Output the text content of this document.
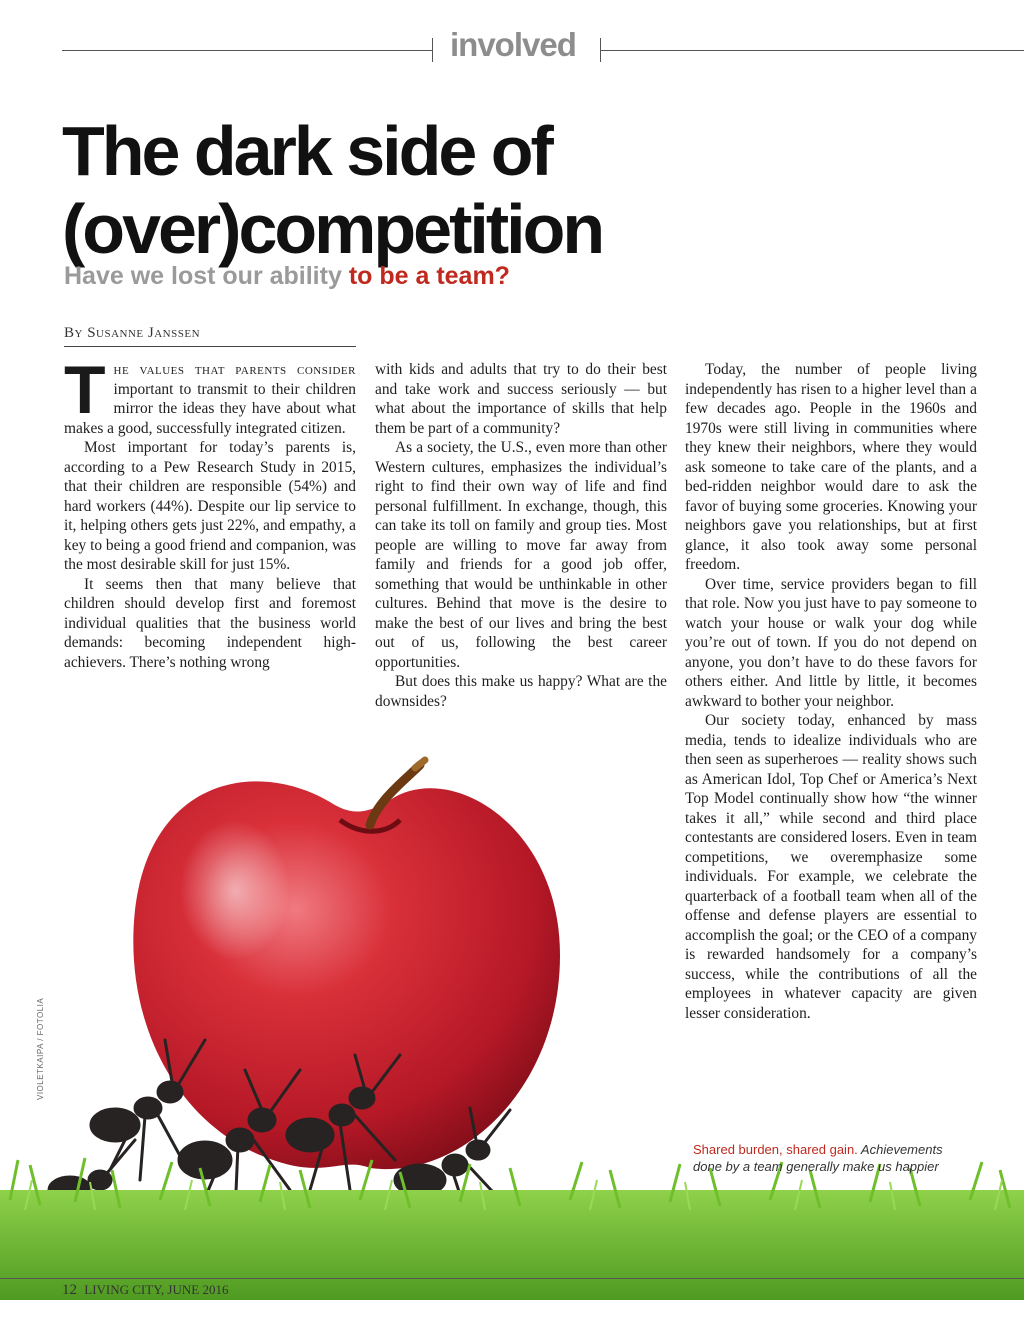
involved
The dark side of
(over)competition
Have we lost our ability to be a team?
By Susanne Janssen

The values that parents consider important to transmit to their children mirror the ideas they have about what makes a good, successfully integrated citizen.

Most important for today’s parents is, according to a Pew Research Study in 2015, that their children are responsible (54%) and hard workers (44%). Despite our lip service to it, helping others gets just 22%, and empathy, a key to being a good friend and companion, was the most desirable skill for just 15%.

It seems then that many believe that children should develop first and foremost individual qualities that the business world demands: becoming independent high-achievers. There’s nothing wrong

with kids and adults that try to do their best and take work and success seriously — but what about the importance of skills that help them be part of a community?

As a society, the U.S., even more than other Western cultures, emphasizes the individual’s right to find their own way of life and find personal fulfillment. In exchange, though, this can take its toll on family and group ties. Most people are willing to move far away from family and friends for a good job offer, something that would be unthinkable in other cultures. Behind that move is the desire to make the best of our lives and bring the best out of us, following the best career opportunities.

But does this make us happy? What are the downsides?

Today, the number of people living independently has risen to a higher level than a few decades ago. People in the 1960s and 1970s were still living in communities where they knew their neighbors, where they would ask someone to take care of the plants, and a bed-ridden neighbor would dare to ask the favor of buying some groceries. Knowing your neighbors gave you relationships, but at first glance, it also took away some personal freedom.

Over time, service providers began to fill that role. Now you just have to pay someone to watch your house or walk your dog while you’re out of town. If you do not depend on anyone, you don’t have to do these favors for others either. And little by little, it becomes awkward to bother your neighbor.

Our society today, enhanced by mass media, tends to idealize individuals who are then seen as superheroes — reality shows such as American Idol, Top Chef or America’s Next Top Model continually show how “the winner takes it all,” while second and third place contestants are considered losers. Even in team competitions, we overemphasize some individuals. For example, we celebrate the quarterback of a football team when all of the offense and defense players are essential to accomplish the goal; or the CEO of a company is rewarded handsomely for a company’s success, while the contributions of all the employees in whatever capacity are given lesser consideration.

VIOLETKAIPA / FOTOLIA
Shared burden, shared gain. Achievements done by a team generally make us happier
12 LIVING CITY, JUNE 2016
